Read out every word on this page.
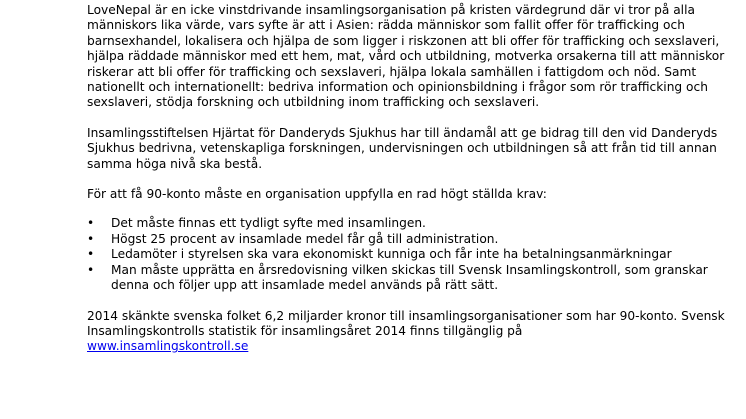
LoveNepal är en icke vinstdrivande insamlingsorganisation på kristen värdegrund där vi tror på alla människors lika värde, vars syfte är att i Asien: rädda människor som fallit offer för trafficking och barnsexhandel, lokalisera och hjälpa de som ligger i riskzonen att bli offer för trafficking och sexslaveri, hjälpa räddade människor med ett hem, mat, vård och utbildning, motverka orsakerna till att människor riskerar att bli offer för trafficking och sexslaveri, hjälpa lokala samhällen i fattigdom och nöd. Samt nationellt och internationellt: bedriva information och opinionsbildning i frågor som rör trafficking och sexslaveri, stödja forskning och utbildning inom trafficking och sexslaveri.

Insamlingsstiftelsen Hjärtat för Danderyds Sjukhus har till ändamål att ge bidrag till den vid Danderyds Sjukhus bedrivna, vetenskapliga forskningen, undervisningen och utbildningen så att från tid till annan samma höga nivå ska bestå.

För att få 90-konto måste en organisation uppfylla en rad högt ställda krav:

• Det måste finnas ett tydligt syfte med insamlingen.
• Högst 25 procent av insamlade medel får gå till administration.
• Ledamöter i styrelsen ska vara ekonomiskt kunniga och får inte ha betalningsanmärkningar
• Man måste upprätta en årsredovisning vilken skickas till Svensk Insamlingskontroll, som granskar denna och följer upp att insamlade medel används på rätt sätt.

2014 skänkte svenska folket 6,2 miljarder kronor till insamlingsorganisationer som har 90-konto. Svensk Insamlingskontrolls statistik för insamlingsåret 2014 finns tillgänglig på
www.insamlingskontroll.se
